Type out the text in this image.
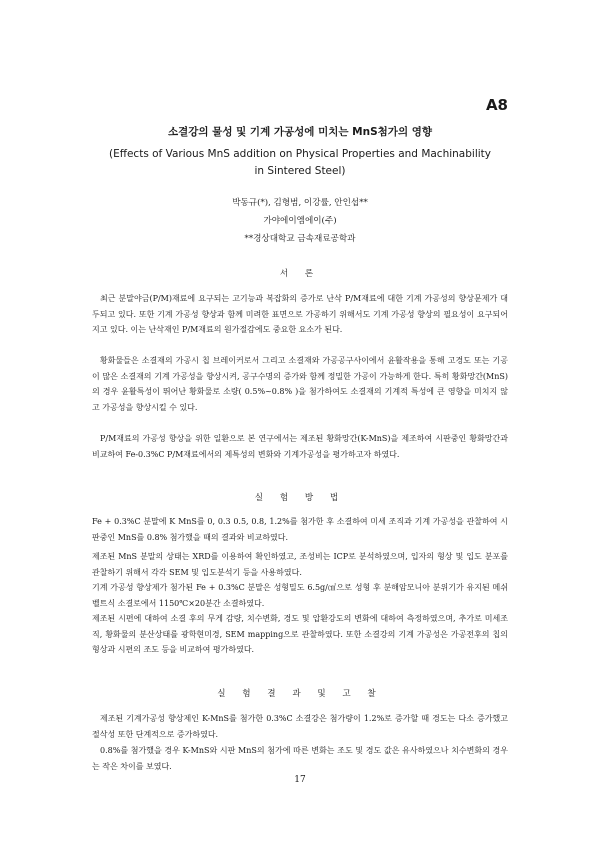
A8
소결강의 물성 및 기계 가공성에 미치는 MnS첨가의 영향
(Effects of Various MnS addition on Physical Properties and Machinability
in Sintered Steel)
박동규(*), 김형범, 이강률, 안인섭**
가야에이엠에이(주)
**경상대학교 금속재료공학과
서 론

최근 분말야금(P/M)재료에 요구되는 고기능과 복잡화의 증가로 난삭 P/M재료에 대한 기계 가공성의 향상문제가 대두되고 있다. 또한 기계 가공성 향상과 함께 미려한 표면으로 가공하기 위해서도 기계 가공성 향상의 필요성이 요구되어지고 있다. 이는 난삭재인 P/M재료의 원가절감에도 중요한 요소가 된다.

황화물들은 소결재의 가공시 칩 브레이커로서 그리고 소결재와 가공공구사이에서 윤활작용을 통해 고경도 또는 기공이 많은 소결재의 기계 가공성을 향상시켜, 공구수명의 증가와 함께 정밀한 가공이 가능하게 한다. 특히 황화망간(MnS)의 경우 윤활특성이 뛰어난 황화물로 소량( 0.5%~0.8% )을 첨가하여도 소결재의 기계적 특성에 큰 영향을 미치지 않고 가공성을 향상시킬 수 있다.

P/M재료의 가공성 향상을 위한 일환으로 본 연구에서는 제조된 황화망간(K-MnS)을 제조하여 시판중인 황화망간과 비교하여 Fe-0.3%C P/M재료에서의 제특성의 변화와 기계가공성을 평가하고자 하였다.

실 험 방 법

Fe + 0.3%C 분말에 K MnS를 0, 0.3 0.5, 0.8, 1.2%를 첨가한 후 소결하여 미세 조직과 기계 가공성을 관찰하여 시판중인 MnS를 0.8% 첨가했을 때의 결과와 비교하였다.

제조된 MnS 분말의 상태는 XRD를 이용하여 확인하였고, 조성비는 ICP로 분석하였으며, 입자의 형상 및 입도 분포를 관찰하기 위해서 각각 SEM 및 입도분석기 등을 사용하였다.

기계 가공성 향상제가 첨가된 Fe + 0.3%C 분말은 성형밀도 6.5g/㎤으로 성형 후 분해암모니아 분위기가 유지된 메쉬벨트식 소결로에서 1150℃×20분간 소결하였다.

제조된 시편에 대하여 소결 후의 무게 감량, 치수변화, 경도 및 압환강도의 변화에 대하여 측정하였으며, 추가로 미세조직, 황화물의 분산상태를 광학현미경, SEM mapping으로 관찰하였다. 또한 소결강의 기계 가공성은 가공전후의 칩의 형상과 시편의 조도 등을 비교하여 평가하였다.

실 험 결 과 및 고 찰

제조된 기계가공성 향상제인 K-MnS를 첨가한 0.3%C 소결강은 첨가량이 1.2%로 증가할 때 경도는 다소 증가했고 절삭성 또한 단계적으로 증가하였다.

0.8%를 첨가했을 경우 K-MnS와 시판 MnS의 첨가에 따른 변화는 조도 및 경도 값은 유사하였으나 치수변화의 경우는 작은 차이를 보였다.

17
